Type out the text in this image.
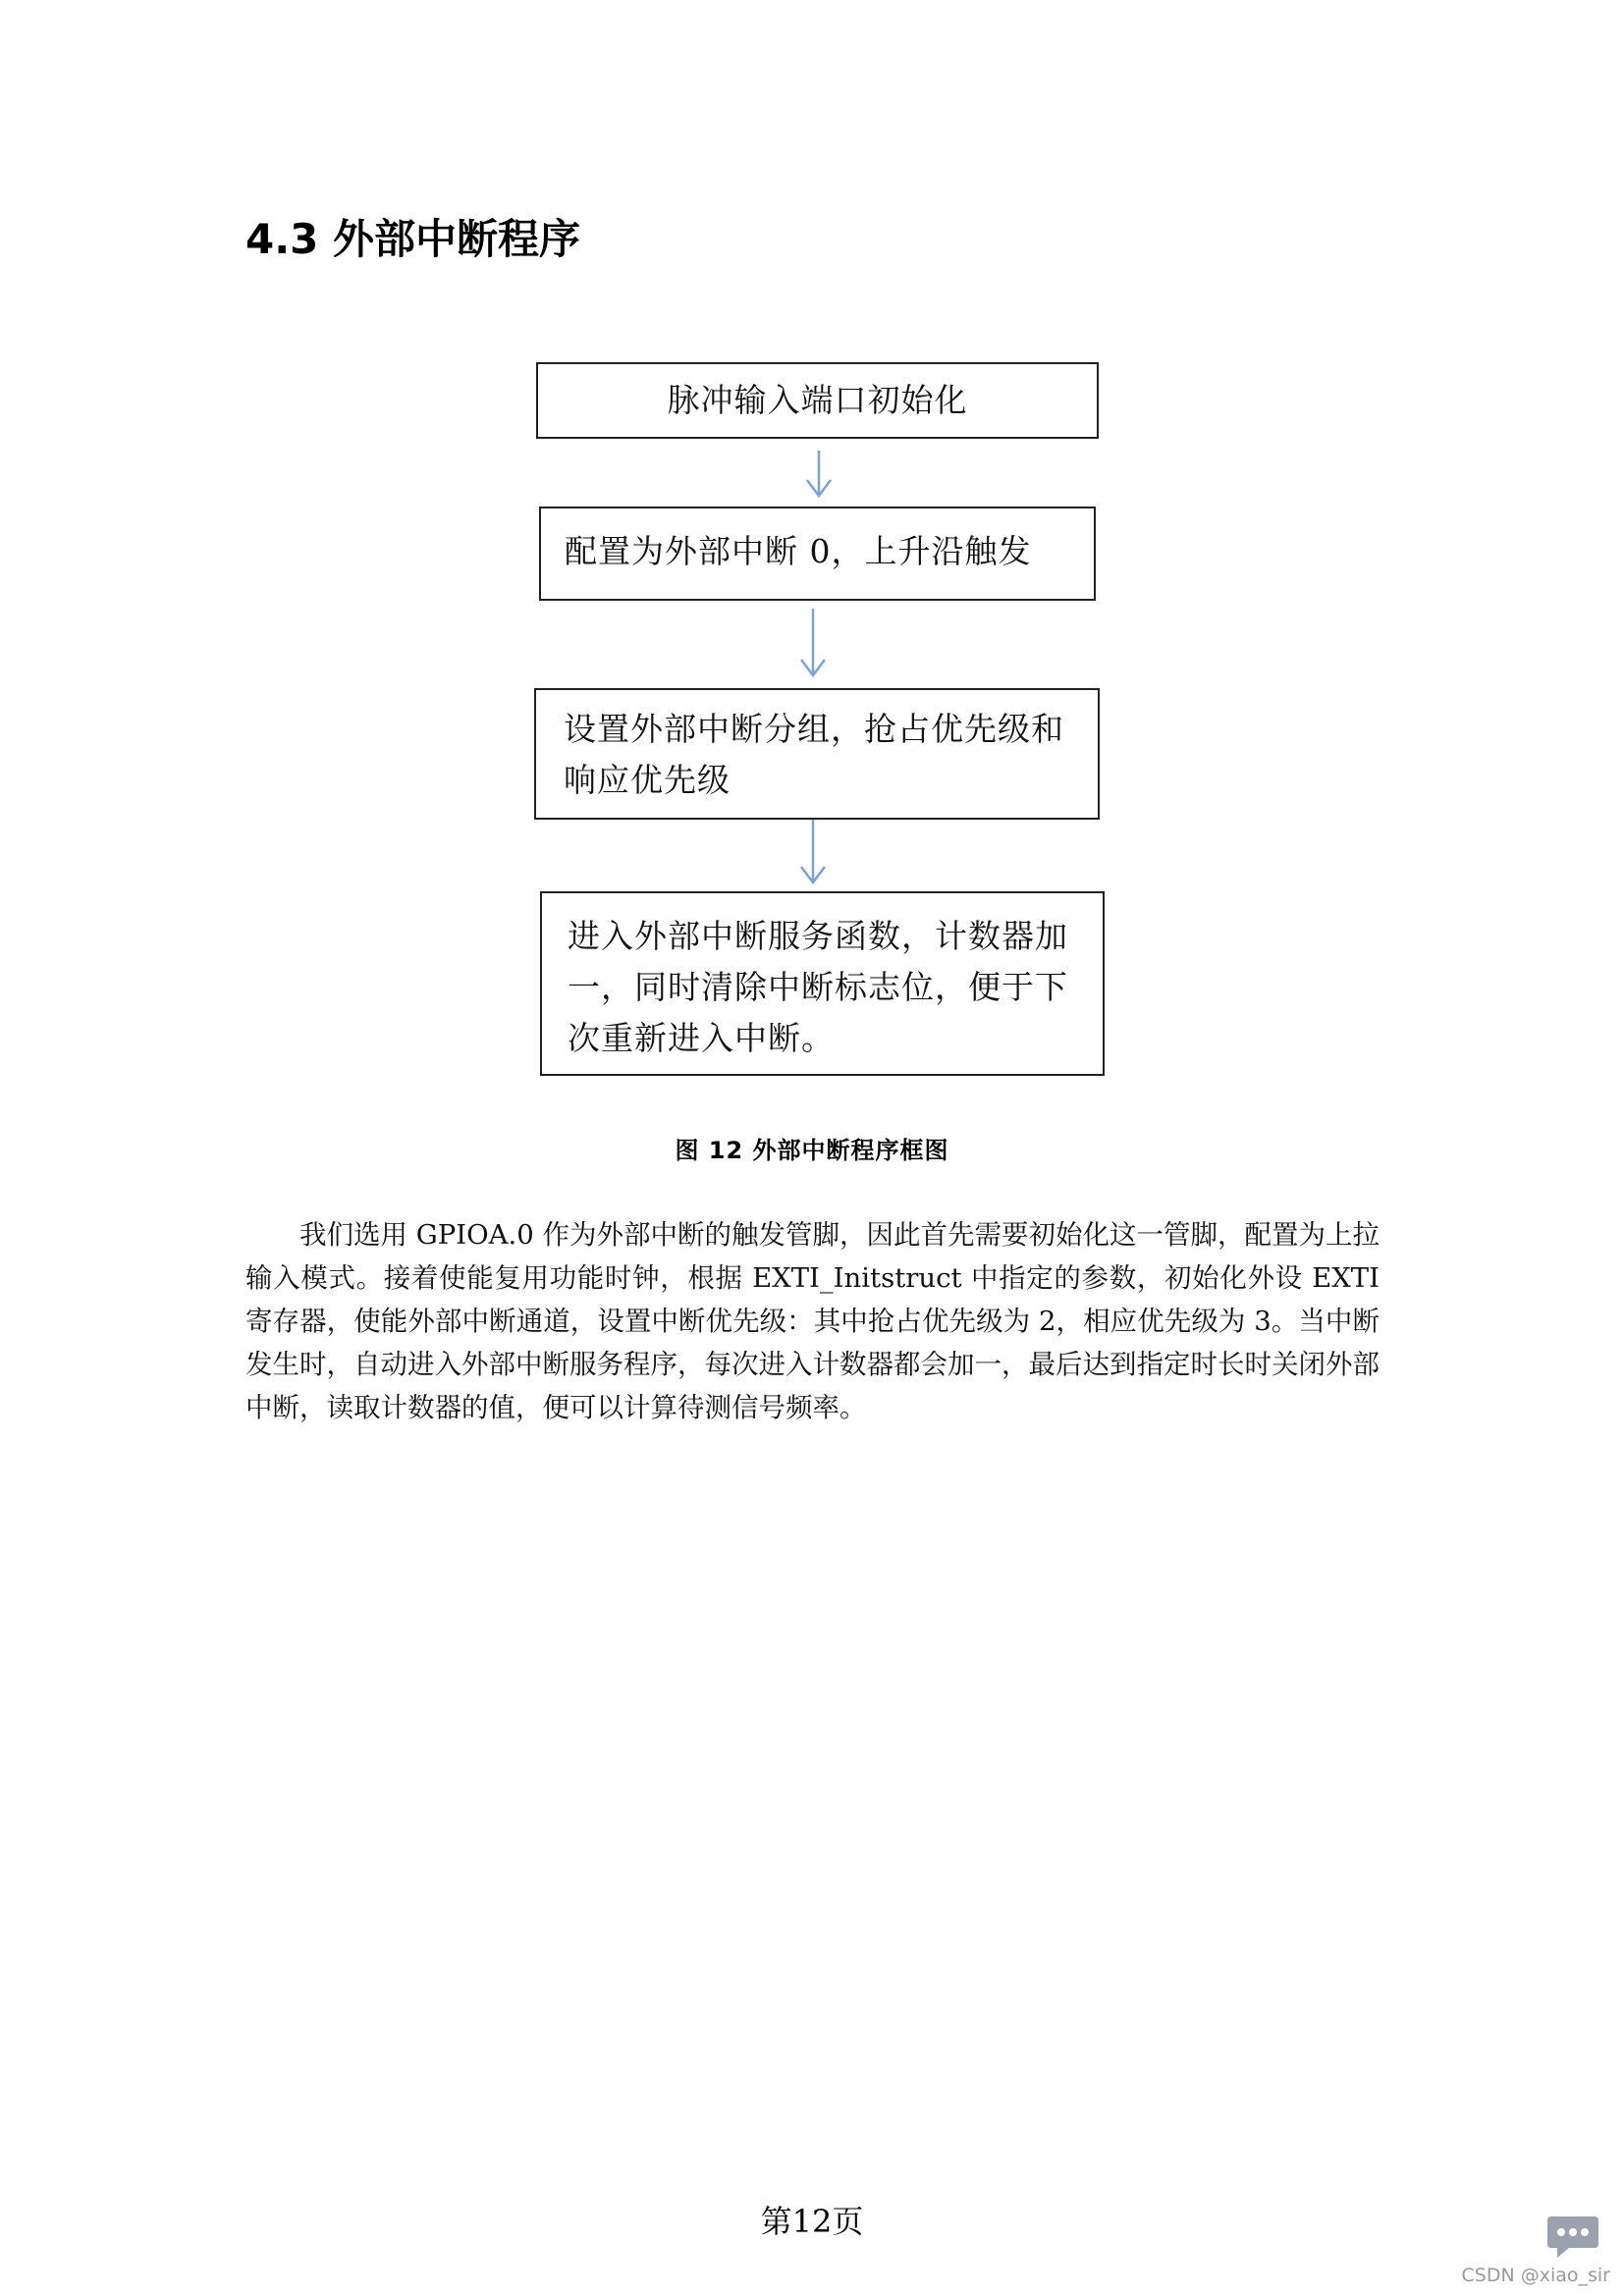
4.3 外部中断程序
脉冲输入端口初始化
配置为外部中断 0，上升沿触发
设置外部中断分组，抢占优先级和
响应优先级
进入外部中断服务函数，计数器加
一，同时清除中断标志位，便于下
次重新进入中断。
图 12 外部中断程序框图

我们选用 GPIOA.0 作为外部中断的触发管脚，因此首先需要初始化这一管脚，配置为上拉输入模式。接着使能复用功能时钟，根据 EXTI_Initstruct 中指定的参数，初始化外设 EXTI 寄存器，使能外部中断通道，设置中断优先级：其中抢占优先级为 2，相应优先级为 3。当中断发生时，自动进入外部中断服务程序，每次进入计数器都会加一，最后达到指定时长时关闭外部中断，读取计数器的值，便可以计算待测信号频率。

第12页
CSDN @xiao_sir
